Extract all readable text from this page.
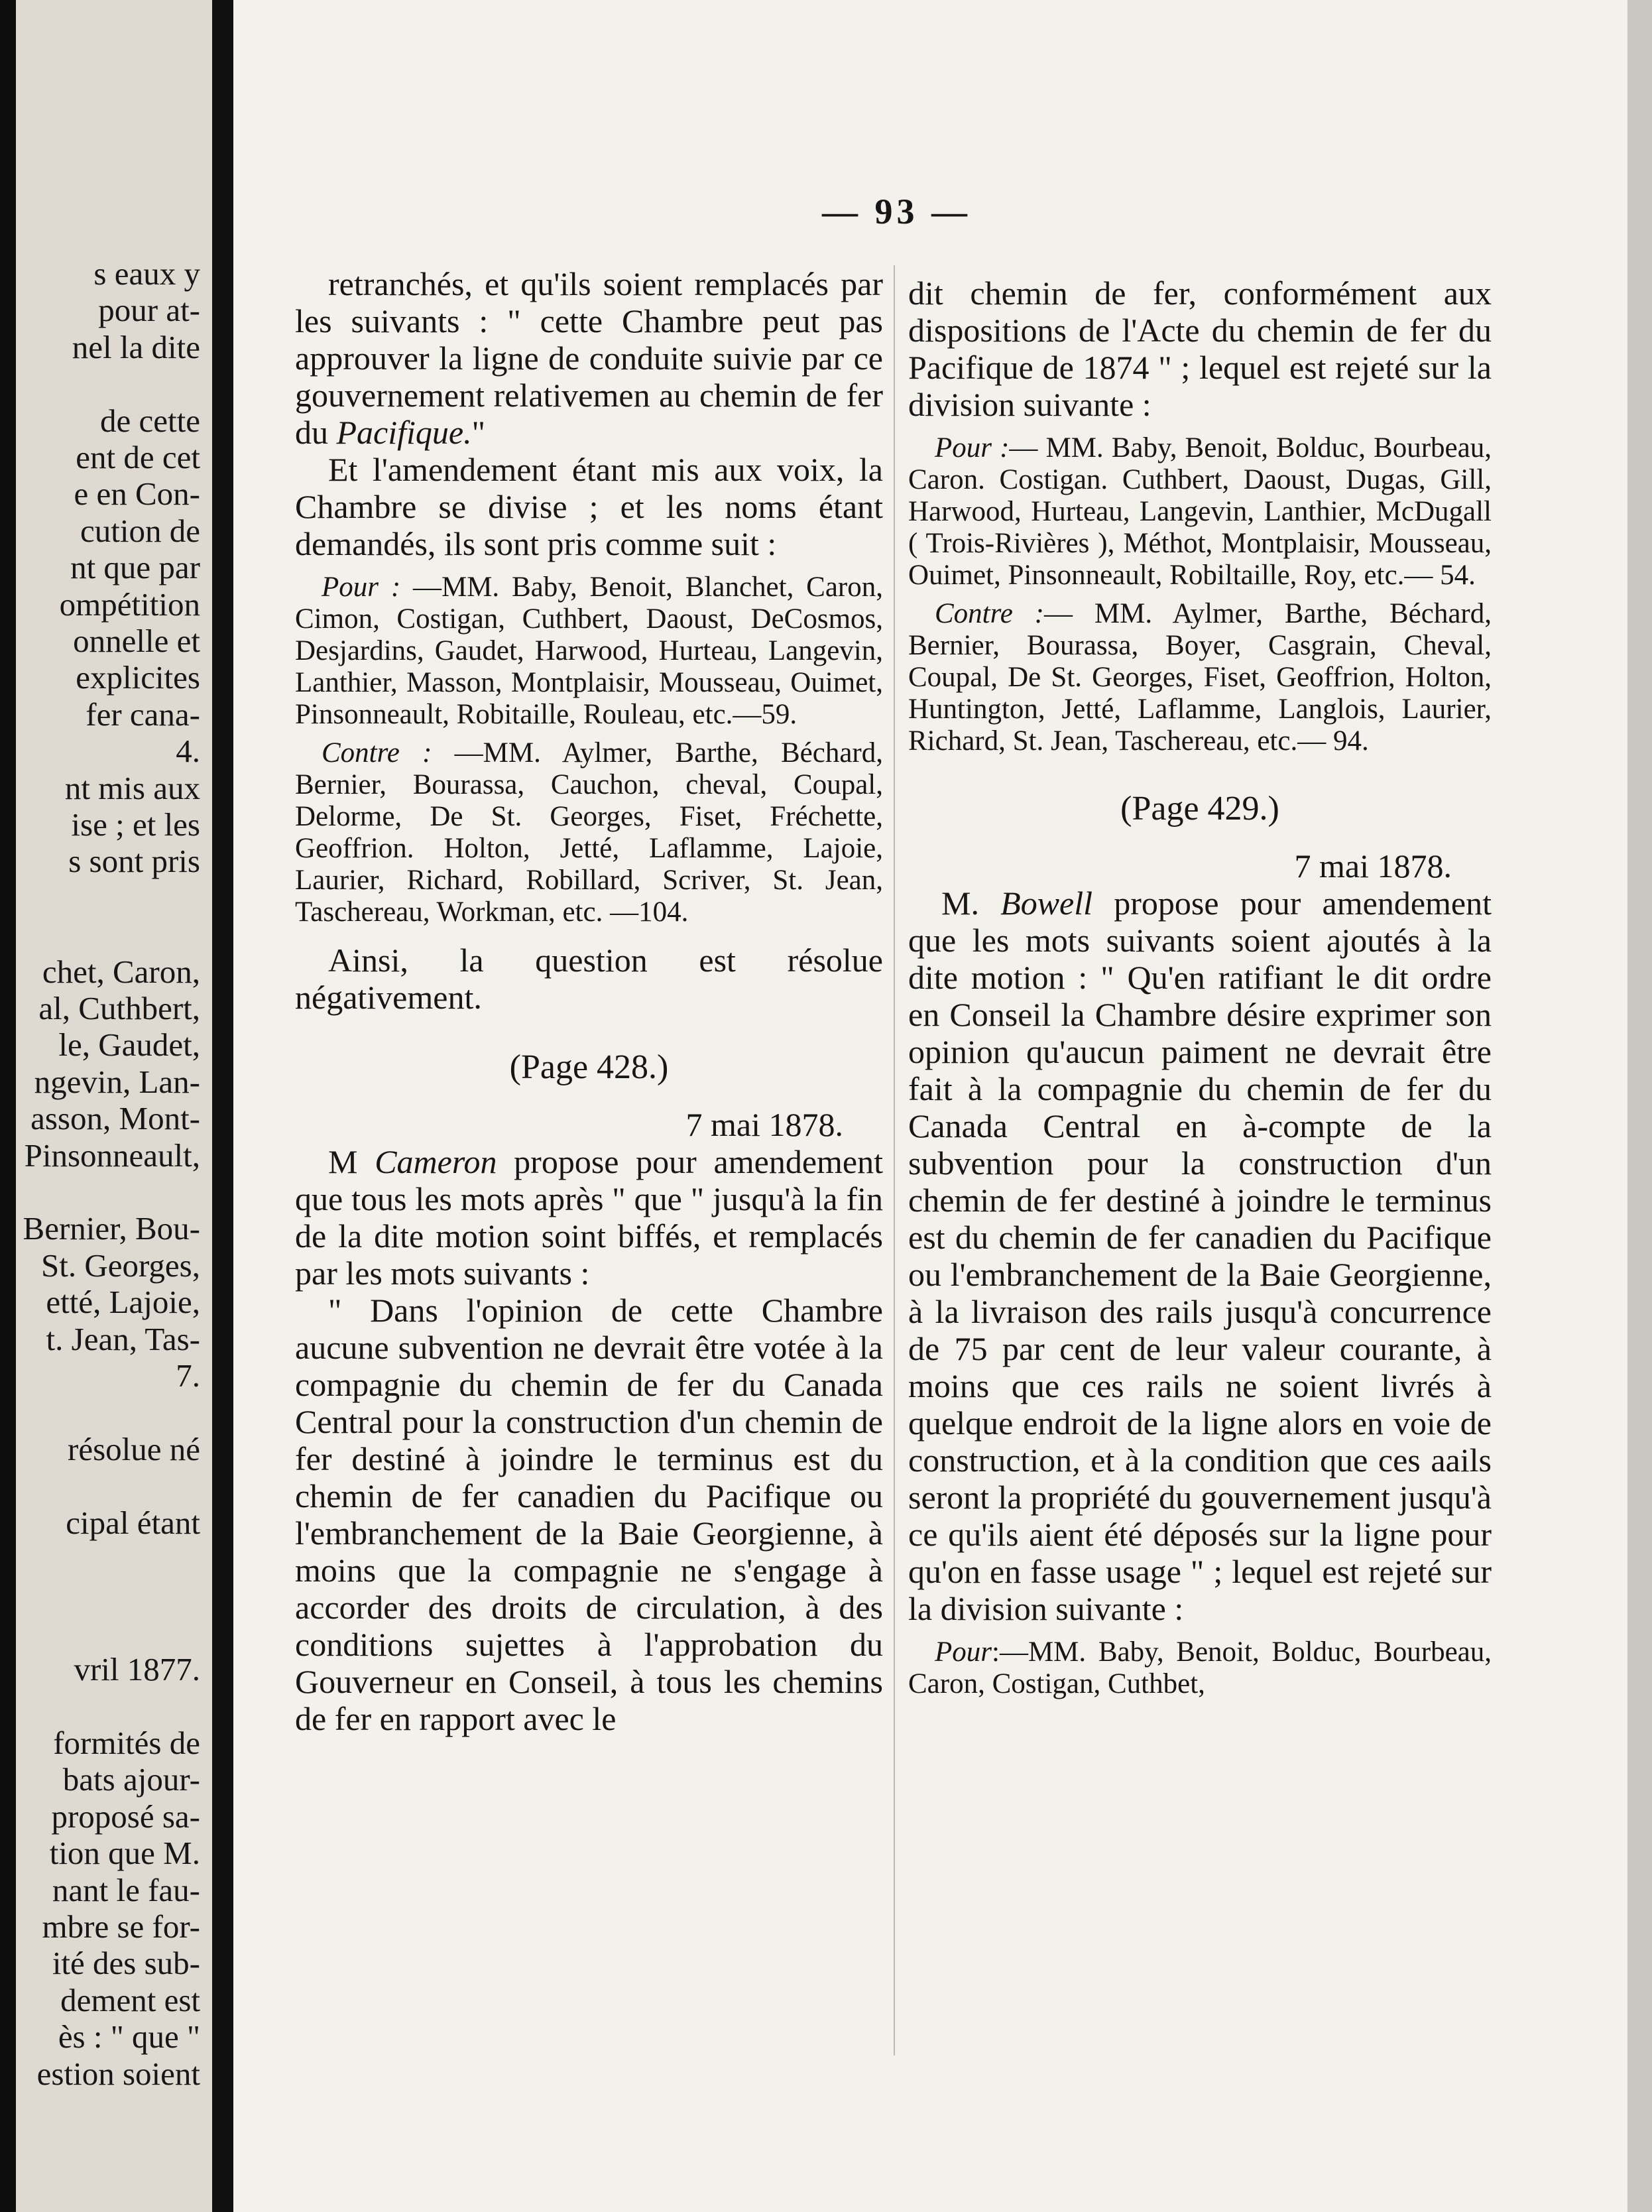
s eaux y
pour at-
nel la dite
de cette
ent de cet
e en Con-
cution de
nt que par
ompétition
onnelle et
explicites
fer cana-
4.
nt mis aux
ise ; et les
s sont pris
chet, Caron,
al, Cuthbert,
le, Gaudet,
ngevin, Lan-
asson, Mont-
Pinsonneault,
Bernier, Bou-
St. Georges,
etté, Lajoie,
t. Jean, Tas-
7.
résolue né
cipal étant
vril 1877.
formités de
bats ajour-
proposé sa-
tion que M.
nant le fau-
mbre se for-
ité des sub-
dement est
ès : " que "
estion soient
— 93 —

retranchés, et qu'ils soient remplacés par les suivants : " cette Chambre peut pas approuver la ligne de conduite suivie par ce gouvernement relativemen au chemin de fer du Pacifique."

Et l'amendement étant mis aux voix, la Chambre se divise ; et les noms étant demandés, ils sont pris comme suit :

Pour : —MM. Baby, Benoit, Blanchet, Caron, Cimon, Costigan, Cuthbert, Daoust, DeCosmos, Desjardins, Gaudet, Harwood, Hurteau, Langevin, Lanthier, Masson, Montplaisir, Mousseau, Ouimet, Pinsonneault, Robitaille, Rouleau, etc.—59.

Contre : —MM. Aylmer, Barthe, Béchard, Bernier, Bourassa, Cauchon, cheval, Coupal, Delorme, De St. Georges, Fiset, Fréchette, Geoffrion. Holton, Jetté, Laflamme, Lajoie, Laurier, Richard, Robillard, Scriver, St. Jean, Taschereau, Workman, etc. —104.

Ainsi, la question est résolue négativement.

(Page 428.)

7 mai 1878.

M Cameron propose pour amendement que tous les mots après " que " jusqu'à la fin de la dite motion soint biffés, et remplacés par les mots suivants :

" Dans l'opinion de cette Chambre aucune subvention ne devrait être votée à la compagnie du chemin de fer du Canada Central pour la construction d'un chemin de fer destiné à joindre le terminus est du chemin de fer canadien du Pacifique ou l'embranchement de la Baie Georgienne, à moins que la compagnie ne s'engage à accorder des droits de circulation, à des conditions sujettes à l'approbation du Gouverneur en Conseil, à tous les chemins de fer en rapport avec le

dit chemin de fer, conformément aux dispositions de l'Acte du chemin de fer du Pacifique de 1874 " ; lequel est rejeté sur la division suivante :

Pour :— MM. Baby, Benoit, Bolduc, Bourbeau, Caron. Costigan. Cuthbert, Daoust, Dugas, Gill, Harwood, Hurteau, Langevin, Lanthier, McDugall ( Trois-Rivières ), Méthot, Montplaisir, Mousseau, Ouimet, Pinsonneault, Robiltaille, Roy, etc.— 54.

Contre :— MM. Aylmer, Barthe, Béchard, Bernier, Bourassa, Boyer, Casgrain, Cheval, Coupal, De St. Georges, Fiset, Geoffrion, Holton, Huntington, Jetté, Laflamme, Langlois, Laurier, Richard, St. Jean, Taschereau, etc.— 94.

(Page 429.)

7 mai 1878.

M. Bowell propose pour amendement que les mots suivants soient ajoutés à la dite motion : " Qu'en ratifiant le dit ordre en Conseil la Chambre désire exprimer son opinion qu'aucun paiment ne devrait être fait à la compagnie du chemin de fer du Canada Central en à-compte de la subvention pour la construction d'un chemin de fer destiné à joindre le terminus est du chemin de fer canadien du Pacifique ou l'embranchement de la Baie Georgienne, à la livraison des rails jusqu'à concurrence de 75 par cent de leur valeur courante, à moins que ces rails ne soient livrés à quelque endroit de la ligne alors en voie de construction, et à la condition que ces aails seront la propriété du gouvernement jusqu'à ce qu'ils aient été déposés sur la ligne pour qu'on en fasse usage " ; lequel est rejeté sur la division suivante :

Pour:—MM. Baby, Benoit, Bolduc, Bourbeau, Caron, Costigan, Cuthbet,
